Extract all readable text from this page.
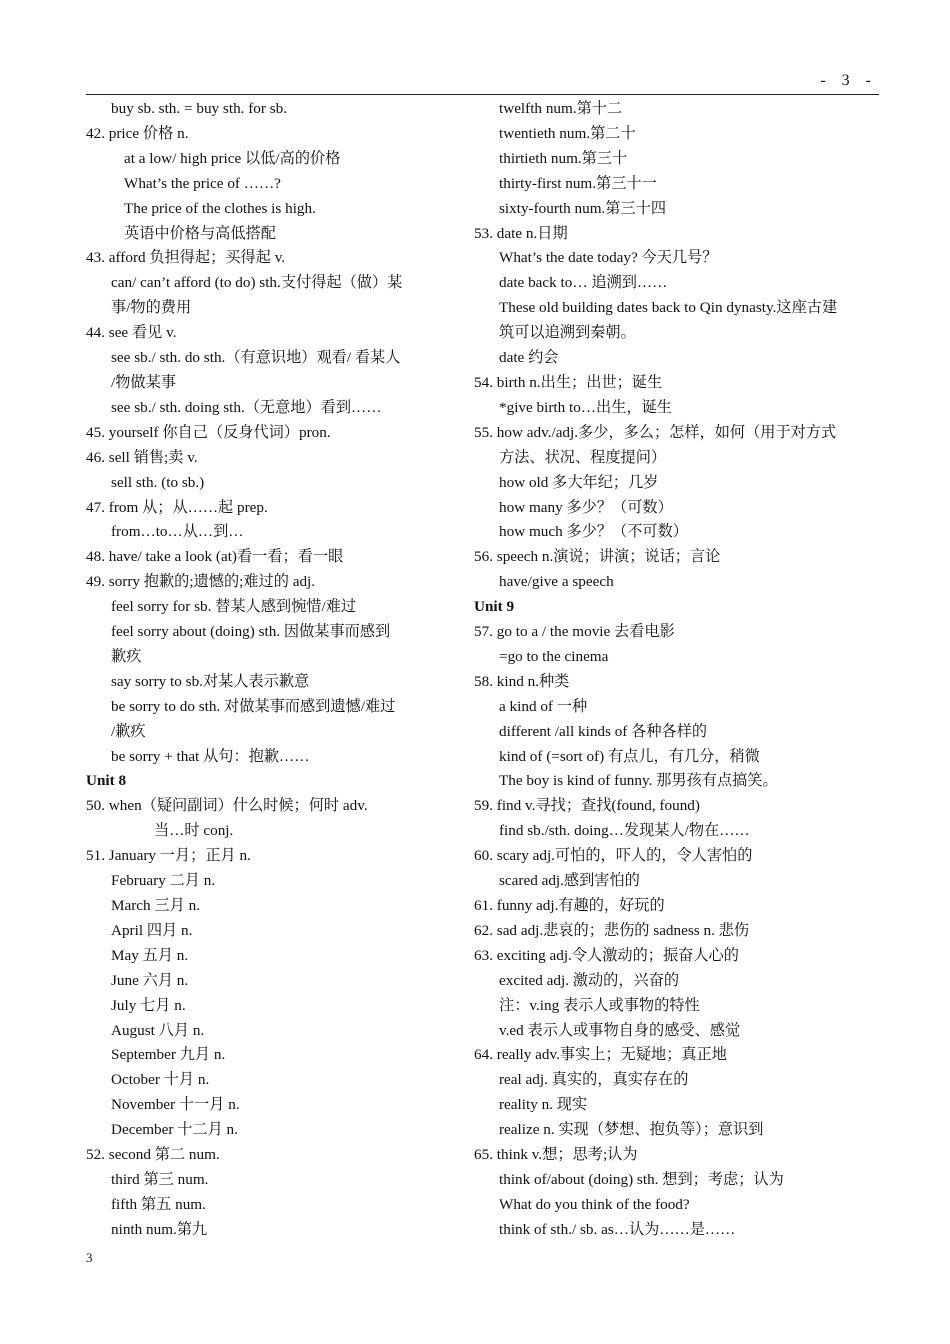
- 3 -
buy sb. sth. = buy sth. for sb.
42. price 价格 n.
at a low/ high price 以低/高的价格
What’s the price of ……?
The price of the clothes is high.
英语中价格与高低搭配
43. afford 负担得起；买得起 v.
can/ can’t afford (to do) sth.支付得起（做）某
事/物的费用
44. see 看见 v.
see sb./ sth. do sth.（有意识地）观看/ 看某人
/物做某事
see sb./ sth. doing sth.（无意地）看到……
45. yourself 你自己（反身代词）pron.
46. sell 销售;卖 v.
sell sth. (to sb.)
47. from 从；从……起 prep.
from…to…从…到…
48. have/ take a look (at)看一看；看一眼
49. sorry 抱歉的;遗憾的;难过的 adj.
feel sorry for sb. 替某人感到惋惜/难过
feel sorry about (doing) sth. 因做某事而感到
歉疚
say sorry to sb.对某人表示歉意
be sorry to do sth. 对做某事而感到遗憾/难过
/歉疚
be sorry + that 从句：抱歉……
Unit 8
50. when（疑问副词）什么时候；何时 adv.
当…时 conj.
51. January 一月；正月 n.
February 二月 n.
March 三月 n.
April 四月 n.
May 五月 n.
June 六月 n.
July 七月 n.
August 八月 n.
September 九月 n.
October 十月 n.
November 十一月 n.
December 十二月 n.
52. second 第二 num.
third 第三 num.
fifth 第五 num.
ninth num.第九
twelfth num.第十二
twentieth num.第二十
thirtieth num.第三十
thirty-first num.第三十一
sixty-fourth num.第三十四
53. date n.日期
What’s the date today? 今天几号？
date back to… 追溯到……
These old building dates back to Qin dynasty.这座古建
筑可以追溯到秦朝。
date 约会
54. birth n.出生；出世；诞生
*give birth to…出生，诞生
55. how adv./adj.多少，多么；怎样，如何（用于对方式
方法、状况、程度提问）
how old 多大年纪；几岁
how many 多少？（可数）
how much 多少？（不可数）
56. speech n.演说；讲演；说话；言论
have/give a speech
Unit 9
57. go to a / the movie 去看电影
=go to the cinema
58. kind n.种类
a kind of 一种
different /all kinds of 各种各样的
kind of (=sort of) 有点儿，有几分，稍微
The boy is kind of funny. 那男孩有点搞笑。
59. find v.寻找；查找(found, found)
find sb./sth. doing…发现某人/物在……
60. scary adj.可怕的，吓人的，令人害怕的
scared adj.感到害怕的
61. funny adj.有趣的，好玩的
62. sad adj.悲哀的；悲伤的 sadness n. 悲伤
63. exciting adj.令人激动的；振奋人心的
excited adj. 激动的，兴奋的
注：v.ing 表示人或事物的特性
v.ed 表示人或事物自身的感受、感觉
64. really adv.事实上；无疑地；真正地
real adj. 真实的，真实存在的
reality n. 现实
realize n. 实现（梦想、抱负等）；意识到
65. think v.想；思考;认为
think of/about (doing) sth. 想到；考虑；认为
What do you think of the food?
think of sth./ sb. as…认为……是……
3
